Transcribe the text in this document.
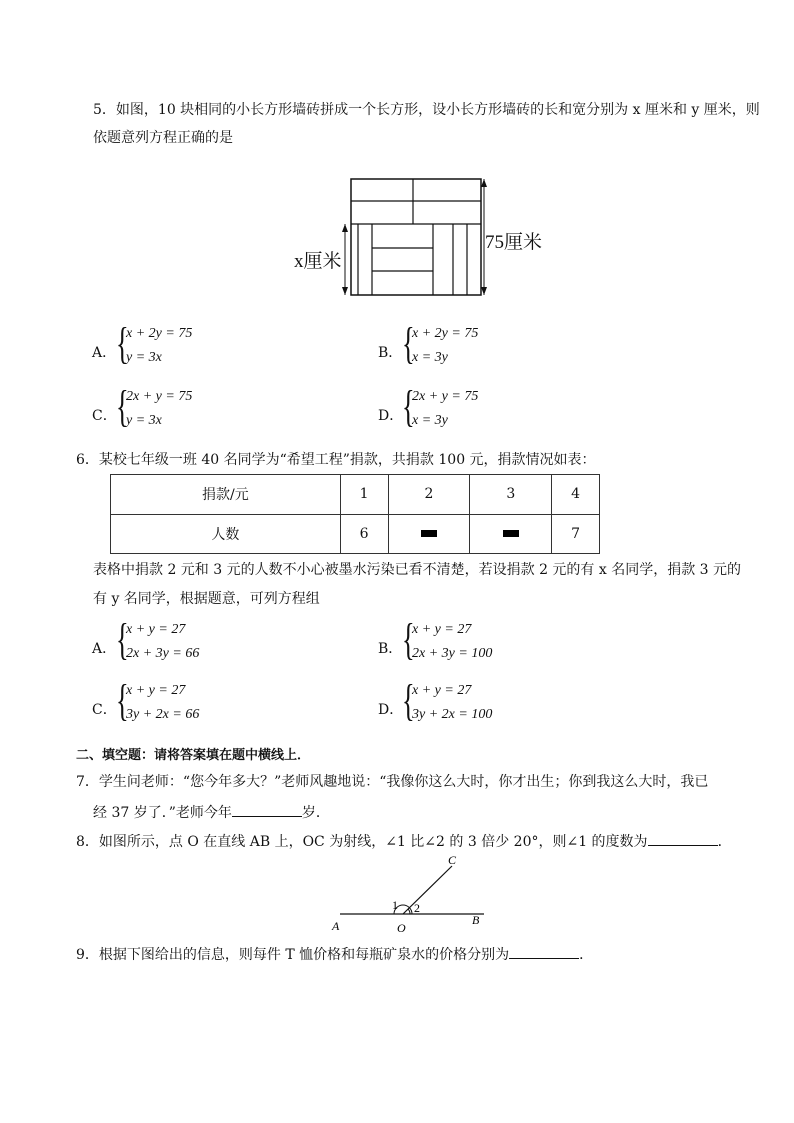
5．如图，10 块相同的小长方形墙砖拼成一个长方形，设小长方形墙砖的长和宽分别为 x 厘米和 y 厘米，则
依题意列方程正确的是
x厘米
75厘米
A． {
x + 2y = 75
y = 3x	B． {
x + 2y = 75
x = 3y
C． {
2x + y = 75
y = 3x	D．
{
2x + y = 75
x = 3y
6．某校七年级一班 40 名同学为“希望工程”捐款，共捐款 100 元，捐款情况如表：
捐款/元	1	2	3	4
人数	6			7
表格中捐款 2 元和 3 元的人数不小心被墨水污染已看不清楚，若设捐款 2 元的有 x 名同学，捐款 3 元的
有 y 名同学，根据题意，可列方程组
A． {
x + y = 27
2x + 3y = 66	B． {
x + y = 27
2x + 3y = 100
C． {
x + y = 27
3y + 2x = 66	D．
{
x + y = 27
3y + 2x = 100
二、填空题：请将答案填在题中横线上．
7．学生问老师：“您今年多大？”老师风趣地说：“我像你这么大时，你才出生；你到我这么大时，我已
经 37 岁了．”老师今年	岁．
8．如图所示，点 O 在直线 AB 上，OC 为射线，∠1 比∠2 的 3 倍少 20°，则∠1 的度数为	．
A	O
B
C
1 2
9．根据下图给出的信息，则每件 T 恤价格和每瓶矿泉水的价格分别为	．
